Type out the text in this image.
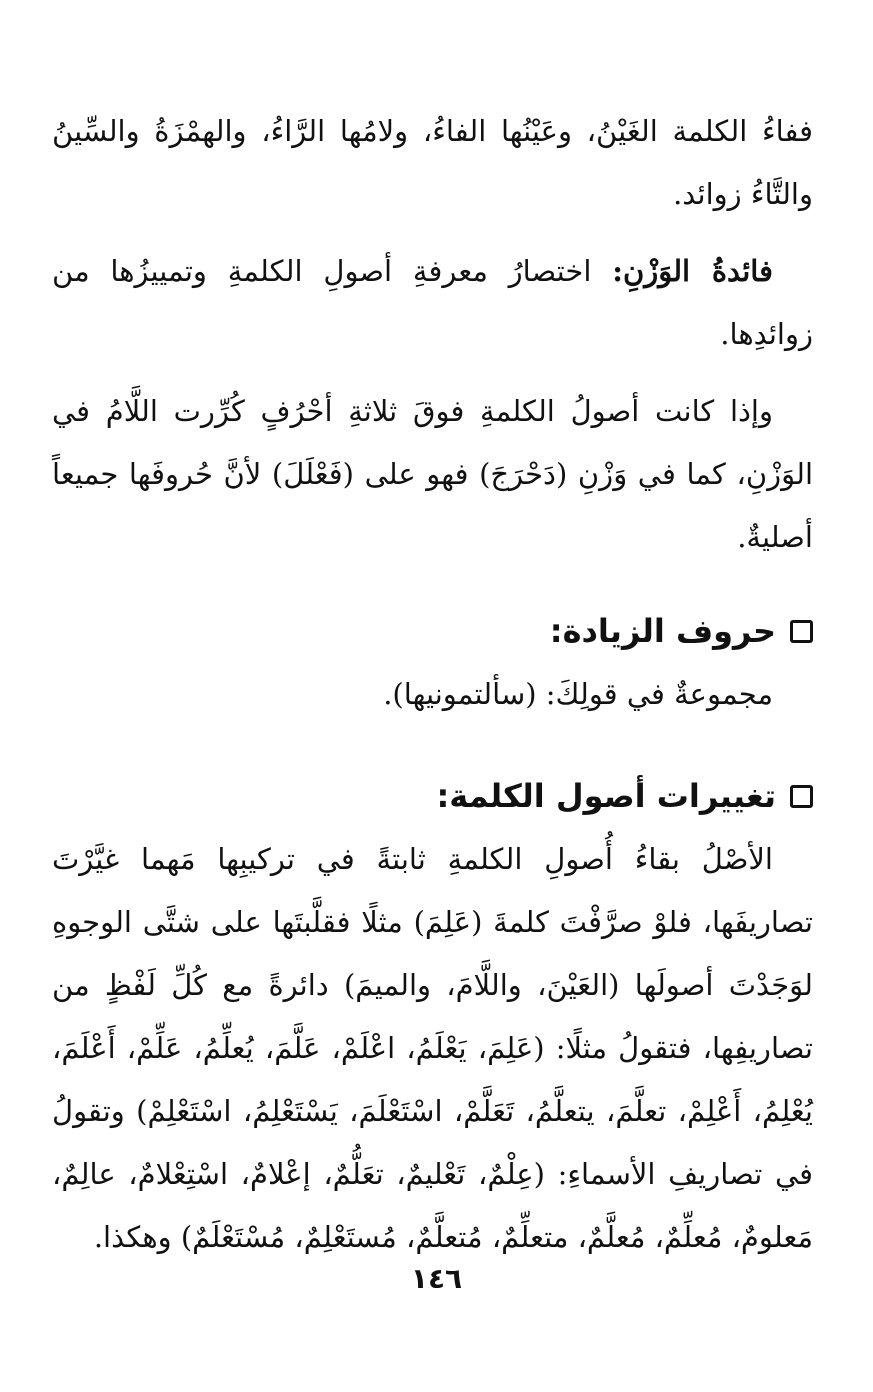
ففاءُ الكلمة الغَيْنُ، وعَيْنُها الفاءُ، ولامُها الرَّاءُ، والهمْزَةُ والسِّينُ والتَّاءُ زوائد.

فائدةُ الوَزْنِ: اختصارُ معرفةِ أصولِ الكلمةِ وتمييزُها من زوائدِها.

وإذا كانت أصولُ الكلمةِ فوقَ ثلاثةِ أحْرُفٍ كُرِّرت اللَّامُ في الوَزْنِ، كما في وَزْنِ (دَحْرَجَ) فهو على (فَعْلَلَ) لأنَّ حُروفَها جميعاً أصليةٌ.

حروف الزيادة:

مجموعةٌ في قولِكَ: (سألتمونيها).

تغييرات أصول الكلمة:

الأصْلُ بقاءُ أُصولِ الكلمةِ ثابتةً في تركيبِها مَهما غيَّرْتَ تصاريفَها، فلوْ صرَّفْتَ كلمةَ (عَلِمَ) مثلًا فقلَّبتَها على شتَّى الوجوهِ لوَجَدْتَ أصولَها (العَيْنَ، واللَّامَ، والميمَ) دائرةً مع كُلِّ لَفْظٍ من تصاريفِها، فتقولُ مثلًا: (عَلِمَ، يَعْلَمُ، اعْلَمْ، عَلَّمَ، يُعلِّمُ، عَلِّمْ، أَعْلَمَ، يُعْلِمُ، أَعْلِمْ، تعلَّمَ، يتعلَّمُ، تَعَلَّمْ، اسْتَعْلَمَ، يَسْتَعْلِمُ، اسْتَعْلِمْ) وتقولُ في تصاريفِ الأسماءِ: (عِلْمٌ، تَعْليمٌ، تعَلُّمٌ، إعْلامٌ، اسْتِعْلامٌ، عالِمٌ، مَعلومٌ، مُعلِّمٌ، مُعلَّمٌ، متعلِّمٌ، مُتعلَّمٌ، مُستَعْلِمٌ، مُسْتَعْلَمٌ) وهكذا.

١٤٦
